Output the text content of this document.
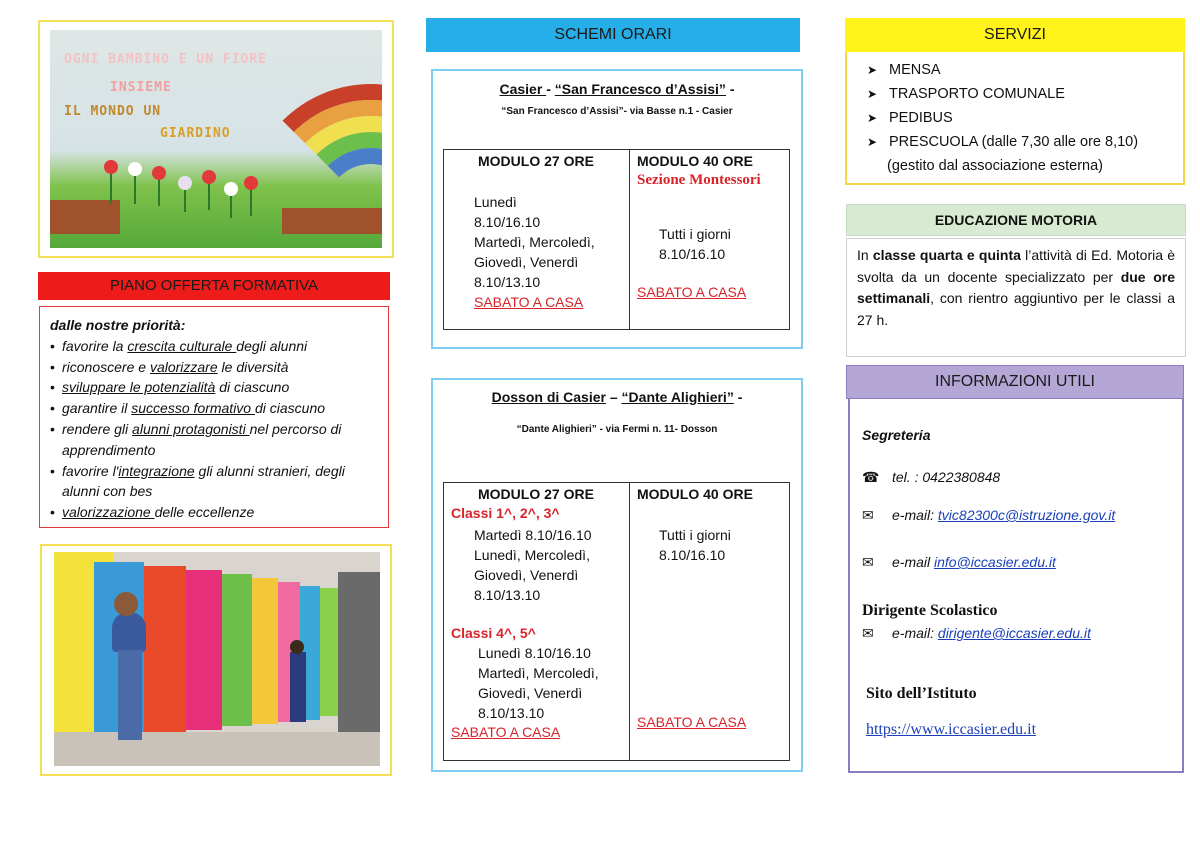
OGNI BAMBINO E UN FIORE
INSIEME
IL MONDO UN
GIARDINO
PIANO OFFERTA FORMATIVA
dalle nostre priorità:
• favorire la crescita culturale degli alunni
• riconoscere e valorizzare le diversità
• sviluppare le potenzialità di ciascuno
• garantire il successo formativo di ciascuno
• rendere gli alunni protagonisti nel percorso di apprendimento
• favorire l'integrazione gli alunni stranieri, degli alunni con bes
• valorizzazione delle eccellenze
SCHEMI ORARI
Casier - “San Francesco d’Assisi” -
“San Francesco d’Assisi”- via Basse n.1 - Casier
MODULO 27 ORE
Lunedì
8.10/16.10
Martedì, Mercoledì,
Giovedì, Venerdì
8.10/13.10
SABATO A CASA
MODULO 40 ORE
Sezione Montessori
Tutti i giorni
8.10/16.10
SABATO A CASA
Dosson di Casier – “Dante Alighieri” -
“Dante Alighieri” - via Fermi n. 11- Dosson
MODULO 27 ORE
Classi 1^, 2^, 3^
Martedì 8.10/16.10
Lunedì, Mercoledì,
Giovedì, Venerdì
8.10/13.10
Classi 4^, 5^
Lunedì 8.10/16.10
Martedì, Mercoledì,
Giovedì, Venerdì
8.10/13.10
SABATO A CASA
MODULO 40 ORE
Tutti i giorni
8.10/16.10
SABATO A CASA
SERVIZI
➤ MENSA
➤ TRASPORTO COMUNALE
➤ PEDIBUS
➤ PRESCUOLA (dalle 7,30 alle ore 8,10)
(gestito dal associazione esterna)
EDUCAZIONE MOTORIA
In classe quarta e quinta l’attività di Ed. Motoria è svolta da un docente specializzato per due ore settimanali, con rientro aggiuntivo per le classi a 27 h.
INFORMAZIONI UTILI
Segreteria
☎ tel. : 0422380848
✉ e-mail: tvic82300c@istruzione.gov.it
✉ e-mail info@iccasier.edu.it
Dirigente Scolastico
✉ e-mail: dirigente@iccasier.edu.it
Sito dell’Istituto
https://www.iccasier.edu.it
